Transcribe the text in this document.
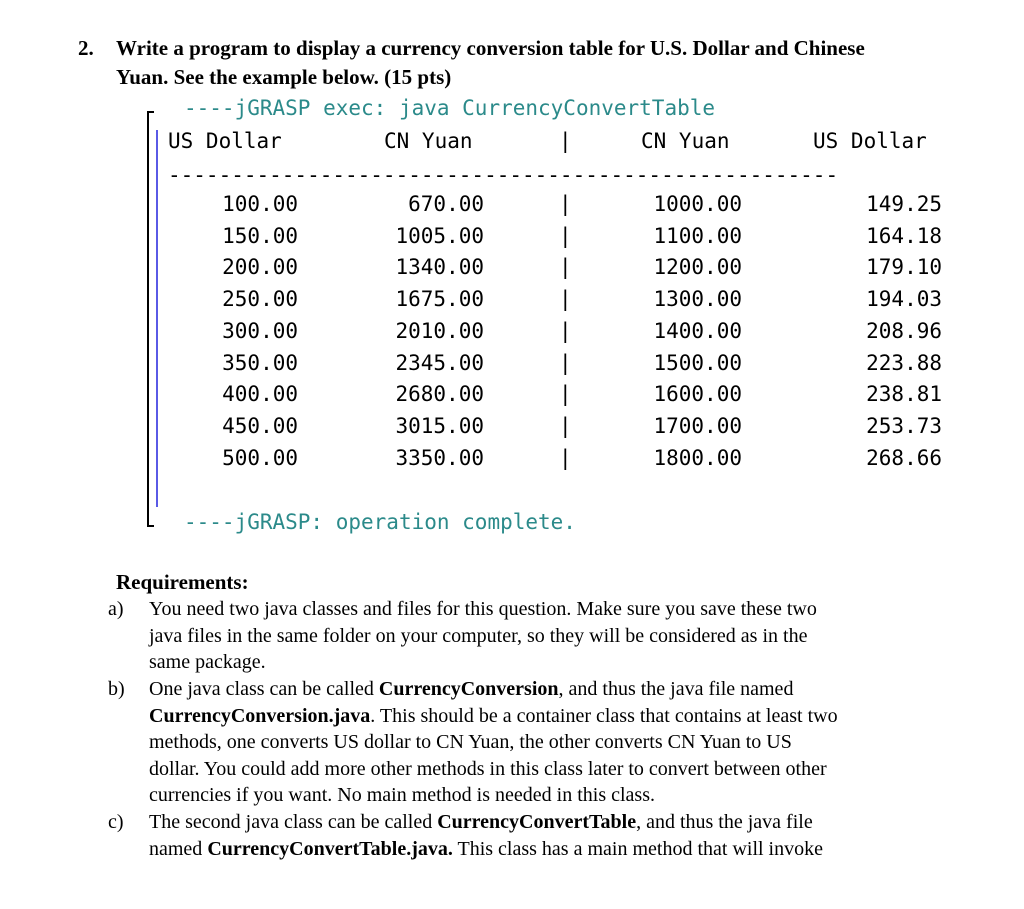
2. Write a program to display a currency conversion table for U.S. Dollar and Chinese
Yuan. See the example below. (15 pts)
----jGRASP exec: java CurrencyConvertTable
US Dollar	CN Yuan	|	CN Yuan	US Dollar
-----------------------------------------------------
100.00	670.00	|	1000.00	149.25
150.00	1005.00	|	1100.00	164.18
200.00	1340.00	|	1200.00	179.10
250.00	1675.00	|	1300.00	194.03
300.00	2010.00	|	1400.00	208.96
350.00	2345.00	|	1500.00	223.88
400.00	2680.00	|	1600.00	238.81
450.00	3015.00	|	1700.00	253.73
500.00	3350.00	|	1800.00	268.66
----jGRASP: operation complete.
Requirements:
a) You need two java classes and files for this question. Make sure you save these two
java files in the same folder on your computer, so they will be considered as in the
same package.
b) One java class can be called CurrencyConversion, and thus the java file named
CurrencyConversion.java. This should be a container class that contains at least two
methods, one converts US dollar to CN Yuan, the other converts CN Yuan to US
dollar. You could add more other methods in this class later to convert between other
currencies if you want. No main method is needed in this class.
c) The second java class can be called CurrencyConvertTable, and thus the java file
named CurrencyConvertTable.java. This class has a main method that will invoke
